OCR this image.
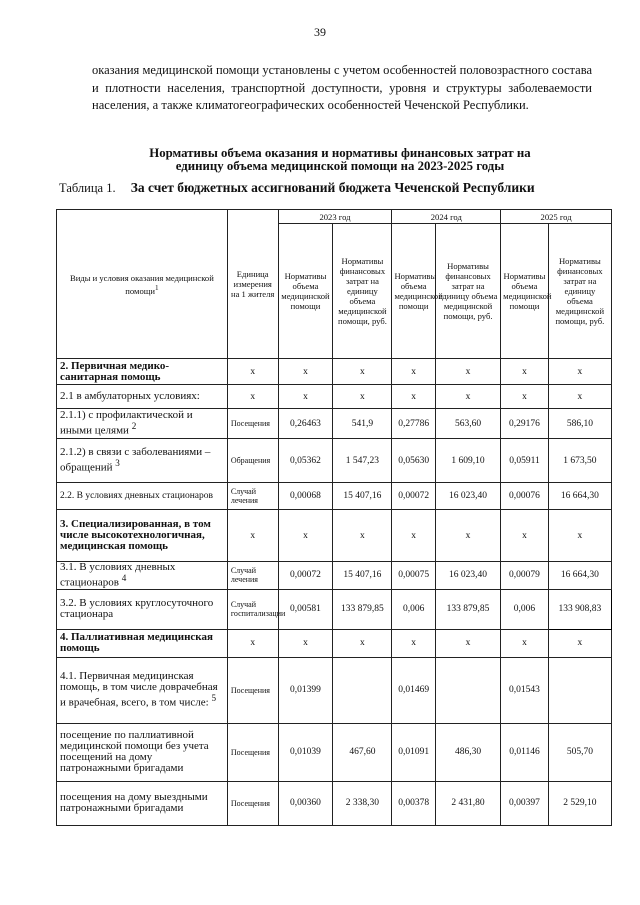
39
оказания медицинской помощи установлены с учетом особенностей половозрастного состава и плотности населения, транспортной доступности, уровня и структуры заболеваемости населения, а также климатогеографических особенностей Чеченской Республики.
Нормативы объема оказания и нормативы финансовых затрат на
единицу объема медицинской помощи на 2023-2025 годы
Таблица 1. За счет бюджетных ассигнований бюджета Чеченской Республики
Виды и условия оказания медицинской помощи$^1$	Единица измерения на 1 жителя	2023 год		2024 год		2025 год	
		Нормативы объема медицинской помощи	Нормативы финансовых затрат на единицу объема медицинской помощи, руб.	Нормативы объема медицинской помощи	Нормативы финансовых затрат на единицу объема медицинской помощи, руб.	Нормативы объема медицинской помощи	Нормативы финансовых затрат на единицу объема медицинской помощи, руб.
2. Первичная медико-санитарная помощь	x	x	x	x	x	x	x
2.1 в амбулаторных условиях:	x	x	x	x	x	x	x
2.1.1) с профилактической и иными целями $^2$	Посещения	0,26463	541,9	0,27786	563,60	0,29176	586,10
2.1.2) в связи с заболеваниями – обращений $^3$	Обращения	0,05362	1 547,23	0,05630	1 609,10	0,05911	1 673,50
2.2. В условиях дневных стационаров	Случай лечения	0,00068	15 407,16	0,00072	16 023,40	0,00076	16 664,30
3. Специализированная, в том числе высокотехнологичная, медицинская помощь	x	x	x	x	x	x	x
3.1. В условиях дневных стационаров $^4$	Случай лечения	0,00072	15 407,16	0,00075	16 023,40	0,00079	16 664,30
3.2. В условиях круглосуточного стационара	Случай госпитализации	0,00581	133 879,85	0,006	133 879,85	0,006	133 908,83
4. Паллиативная медицинская помощь	x	x	x	x	x	x	x
4.1. Первичная медицинская помощь, в том числе доврачебная и врачебная, всего, в том числе: $^5$	Посещения	0,01399		0,01469		0,01543	
посещение по паллиативной медицинской помощи без учета посещений на дому патронажными бригадами	Посещения	0,01039	467,60	0,01091	486,30	0,01146	505,70
посещения на дому выездными патронажными бригадами	Посещения	0,00360	2 338,30	0,00378	2 431,80	0,00397	2 529,10
